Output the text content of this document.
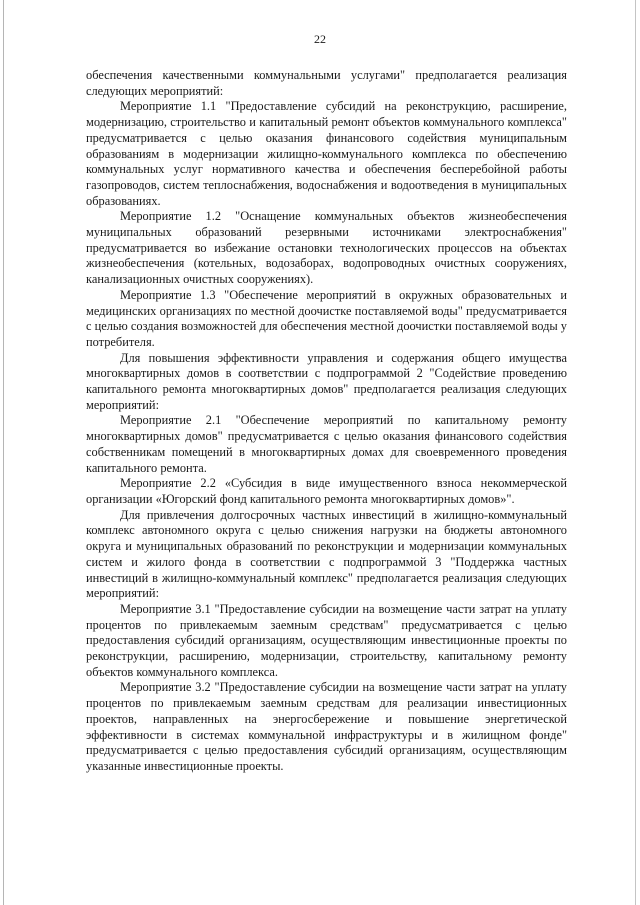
22

обеспечения качественными коммунальными услугами" предполагается реализация следующих мероприятий:

Мероприятие 1.1 "Предоставление субсидий на реконструкцию, расширение, модернизацию, строительство и капитальный ремонт объектов коммунального комплекса" предусматривается с целью оказания финансового содействия муниципальным образованиям в модернизации жилищно-коммунального комплекса по обеспечению коммунальных услуг нормативного качества и обеспечения бесперебойной работы газопроводов, систем теплоснабжения, водоснабжения и водоотведения в муниципальных образованиях.

Мероприятие 1.2 "Оснащение коммунальных объектов жизнеобеспечения муниципальных образований резервными источниками электроснабжения" предусматривается во избежание остановки технологических процессов на объектах жизнеобеспечения (котельных, водозаборах, водопроводных очистных сооружениях, канализационных очистных сооружениях).

Мероприятие 1.3 "Обеспечение мероприятий в окружных образовательных и медицинских организациях по местной доочистке поставляемой воды" предусматривается с целью создания возможностей для обеспечения местной доочистки поставляемой воды у потребителя.

Для повышения эффективности управления и содержания общего имущества многоквартирных домов в соответствии с подпрограммой 2 "Содействие проведению капитального ремонта многоквартирных домов" предполагается реализация следующих мероприятий:

Мероприятие 2.1 "Обеспечение мероприятий по капитальному ремонту многоквартирных домов" предусматривается с целью оказания финансового содействия собственникам помещений в многоквартирных домах для своевременного проведения капитального ремонта.

Мероприятие 2.2 «Субсидия в виде имущественного взноса некоммерческой организации «Югорский фонд капитального ремонта многоквартирных домов»".

Для привлечения долгосрочных частных инвестиций в жилищно-коммунальный комплекс автономного округа с целью снижения нагрузки на бюджеты автономного округа и муниципальных образований по реконструкции и модернизации коммунальных систем и жилого фонда в соответствии с подпрограммой 3 "Поддержка частных инвестиций в жилищно-коммунальный комплекс" предполагается реализация следующих мероприятий:

Мероприятие 3.1 "Предоставление субсидии на возмещение части затрат на уплату процентов по привлекаемым заемным средствам" предусматривается с целью предоставления субсидий организациям, осуществляющим инвестиционные проекты по реконструкции, расширению, модернизации, строительству, капитальному ремонту объектов коммунального комплекса.

Мероприятие 3.2 "Предоставление субсидии на возмещение части затрат на уплату процентов по привлекаемым заемным средствам для реализации инвестиционных проектов, направленных на энергосбережение и повышение энергетической эффективности в системах коммунальной инфраструктуры и в жилищном фонде" предусматривается с целью предоставления субсидий организациям, осуществляющим указанные инвестиционные проекты.
